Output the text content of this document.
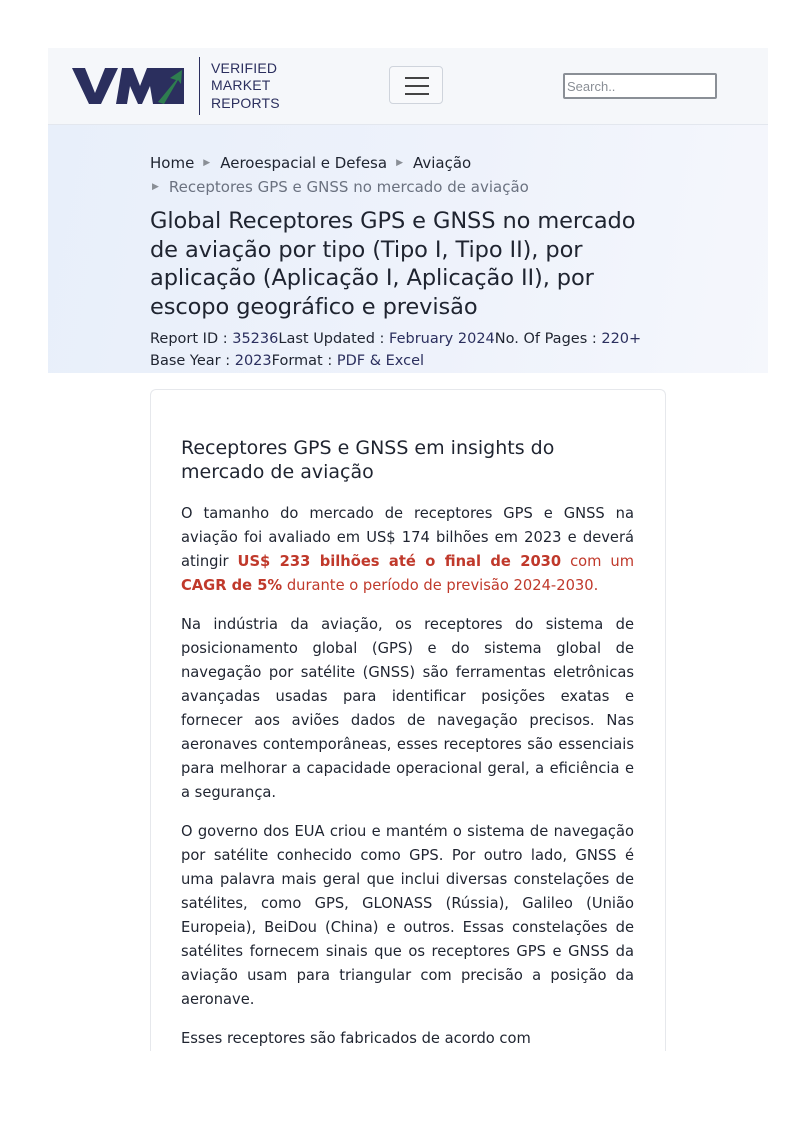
VERIFIED
MARKET
REPORTS
Search..
Home ▶ Aeroespacial e Defesa ▶ Aviação
▶ Receptores GPS e GNSS no mercado de aviação
Global Receptores GPS e GNSS no mercado de aviação por tipo (Tipo I, Tipo II), por aplicação (Aplicação I, Aplicação II), por escopo geográfico e previsão
Report ID : 35236Last Updated : February 2024No. Of Pages : 220+
Base Year : 2023Format : PDF & Excel
Receptores GPS e GNSS em insights do mercado de aviação

O tamanho do mercado de receptores GPS e GNSS na aviação foi avaliado em US$ 174 bilhões em 2023 e deverá atingir US$ 233 bilhões até o final de 2030 com um CAGR de 5% durante o período de previsão 2024-2030.

Na indústria da aviação, os receptores do sistema de posicionamento global (GPS) e do sistema global de navegação por satélite (GNSS) são ferramentas eletrônicas avançadas usadas para identificar posições exatas e fornecer aos aviões dados de navegação precisos. Nas aeronaves contemporâneas, esses receptores são essenciais para melhorar a capacidade operacional geral, a eficiência e a segurança.

O governo dos EUA criou e mantém o sistema de navegação por satélite conhecido como GPS. Por outro lado, GNSS é uma palavra mais geral que inclui diversas constelações de satélites, como GPS, GLONASS (Rússia), Galileo (União Europeia), BeiDou (China) e outros. Essas constelações de satélites fornecem sinais que os receptores GPS e GNSS da aviação usam para triangular com precisão a posição da aeronave.

Esses receptores são fabricados de acordo com
